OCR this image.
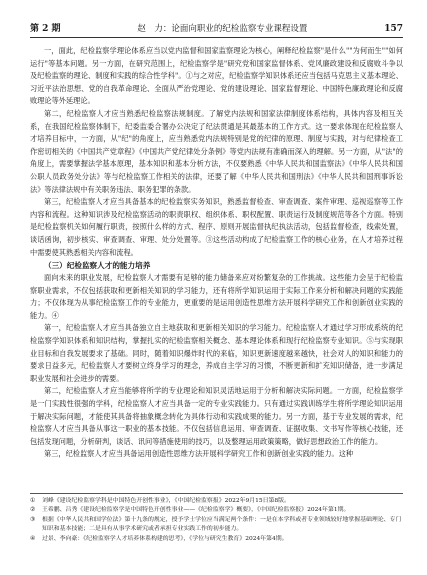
第 2 期	赵　力：论面向职业的纪检监察专业课程设置	157

一，面此，纪检监察学理论体系应当以党内监督和国家监察理论为核心，阐释纪检监察"是什么""为何而生""如何运行"等基本问题。另一方面，在研究范围上，纪检监察学是"研究党和国家监督体系、党风廉政建设和反腐败斗争以及纪检监察的理论、制度和实践的综合性学科"。①与之对应，纪检监察学知识体系还应当包括马克思主义基本理论、习近平法治思想、党的自我革命理论、全面从严治党理论、党的建设理论、国家监督理论、中国特色廉政理论和反腐败理论等外延理论。

第二，纪检监察人才应当熟悉纪检监察法规制度。了解党内法规和国家法律制度体系结构，具体内容及相互关系，在我国纪检监察体制下，纪委监委合署办公决定了纪法贯通是其最基本的工作方式。这一要求体现在纪检监察人才培养目标中，一方面，从"纪"的角度上，应当熟悉党内法规特别是党的纪律的原理、制度与实践，对与纪律检查工作密切相关的《中国共产党章程》《中国共产党纪律处分条例》等党内法规有准确而深入的理解。另一方面，从"法"的角度上，需要掌握法学基本原理，基本知识和基本分析方法，不仅要熟悉《中华人民共和国监察法》《中华人民共和国公职人员政务处分法》等与纪检监察工作相关的法律，还要了解《中华人民共和国刑法》《中华人民共和国刑事诉讼法》等法律法规中有关职务违法、职务犯罪的条款。

第三，纪检监察人才应当具备基本的纪检监察实务知识，熟悉监督检查、审查调查、案件审理、巡视巡察等工作内容和流程。这种知识涉及纪检监察活动的职责职权、组织体系、职权配置、职责运行及制度规范等各个方面。特别是纪检监察机关如何履行职责，按照什么样的方式、程序、原则开展监督执纪执法活动，包括监督检查，线索处置，谈话函询，初步核实、审查调查、审理、处分处置等。③这些活动构成了纪检监察工作的核心业务，在人才培养过程中需要使其熟悉相关内容和流程。

（三）纪检监察人才的能力培养

面向未来的职业发展，纪检监察人才需要有足够的能力储备来应对纷繁复杂的工作挑战。这些能力会呈于纪检监察职业需求，不仅包括获取和更新相关知识的学习能力，还有将所学知识运用于实际工作来分析和解决问题的实践能力；不仅体现为从事纪检监察工作的专业能力，更重要的是运用创造性思维方法开展科学研究工作和创新创业实践的能力。④

第一，纪检监察人才应当具备独立自主地获取和更新相关知识的学习能力。纪检监察人才通过学习形成系统的纪检监察学知识体系和知识结构，掌握扎实的纪检监察相关概念、基本理论体系和现行纪检监察专业知识。⑤与实现职业目标和自我发展要求了基础。同时，随着知识爆炸时代的来临，知识更新速度越来越快，社会对人的知识和能力的要求日益多元，纪检监察人才要树立终身学习的理念，养成自主学习的习惯，不断更新和扩充知识储备，进一步满足职业发展和社会进步的需要。

第二，纪检监察人才应当能够将所学的专业理论和知识灵活地运用于分析和解决实际问题。一方面，纪检监察学是一门实践性很强的学科，纪检监察人才应当具备一定的专业实践能力。只有通过实践训练学生将所学理论知识运用于解决实际问题，才能使其具备将抽象概念转化为具体行动和实践成果的能力。另一方面，基于专业发展的需求，纪检监察人才应当具备从事这一职业的基本技能。不仅包括信息运用、审查调查、证据收集、文书写作等核心技能，还包括发现问题，分析研判，谈话、讯问等措施使用的技巧，以及整理运用政策策略，做好思想政治工作的能力。

第三，纪检监察人才应当具备运用创造性思维方法开展科学研究工作和创新创业实践的能力。这种

①	刘峰《建设纪检监察学科是中国特色开创性事业》，《中国纪检监察报》2022年9月15日第8版。
②	王希鹏、吕秀《建设纪检监察学是中国特色开创性事业——《纪检监察学》概要》，《中国纪检监察报》2024年第1期。
③	根据《中华人民共和国学位法》第十九条的规定，授予学士学位应当满足两个条件：一是在本学科或者专业领域较好地掌握基础理论、专门知识和基本技能；二是具有从事学术研究或者承担专业实践工作的初步能力。
④	过景、李向豪：《纪检监察学人才培养体系构建的思考》，《学位与研究生教育》2024年第4期。
